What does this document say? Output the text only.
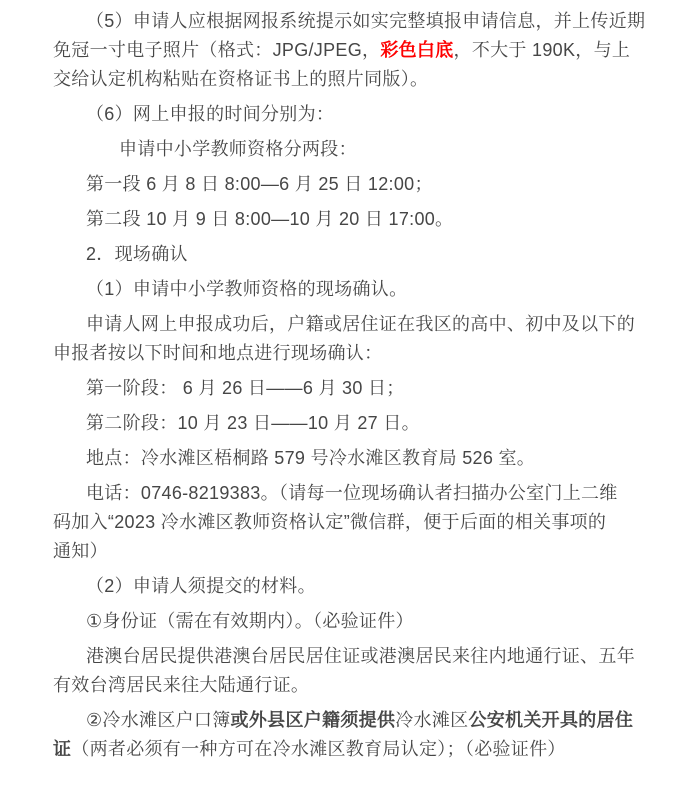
（5）申请人应根据网报系统提示如实完整填报申请信息，并上传近期
免冠一寸电子照片（格式：JPG/JPEG，彩色白底，不大于 190K，与上
交给认定机构粘贴在资格证书上的照片同版）。

（6）网上申报的时间分别为：

申请中小学教师资格分两段：

第一段 6 月 8 日 8:00—6 月 25 日 12:00；

第二段 10 月 9 日 8:00—10 月 20 日 17:00。

2．现场确认

（1）申请中小学教师资格的现场确认。

申请人网上申报成功后，户籍或居住证在我区的高中、初中及以下的
申报者按以下时间和地点进行现场确认：

第一阶段： 6 月 26 日——6 月 30 日；

第二阶段：10 月 23 日——10 月 27 日。

地点：冷水滩区梧桐路 579 号冷水滩区教育局 526 室。

电话：0746-8219383。（请每一位现场确认者扫描办公室门上二维
码加入“2023 冷水滩区教师资格认定”微信群，便于后面的相关事项的
通知）

（2）申请人须提交的材料。

①身份证（需在有效期内）。（必验证件）

港澳台居民提供港澳台居民居住证或港澳居民来往内地通行证、五年
有效台湾居民来往大陆通行证。

②冷水滩区户口簿或外县区户籍须提供冷水滩区公安机关开具的居住
证（两者必须有一种方可在冷水滩区教育局认定）；（必验证件）
